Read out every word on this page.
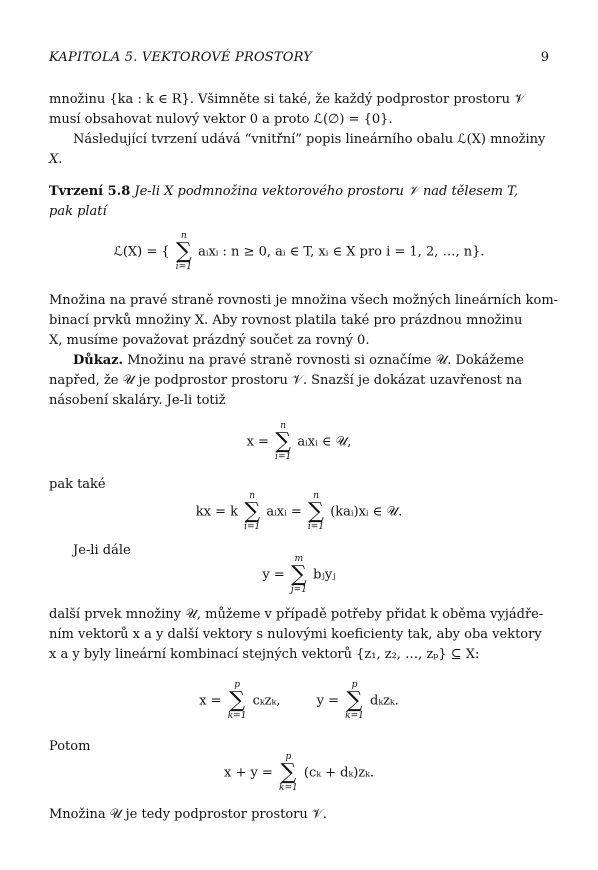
KAPITOLA 5. VEKTOROVÉ PROSTORY	9
množinu {ka : k ∈ R}. Všimněte si také, že každý podprostor prostoru 𝒱
musí obsahovat nulový vektor 0 a proto ℒ(∅) = {0}.
Následující tvrzení udává “vnitřní” popis lineárního obalu ℒ(X) množiny
X.
Tvrzení 5.8 Je-li X podmnožina vektorového prostoru 𝒱 nad tělesem T,
pak platí
ℒ(X) = {
n
∑
i=1
aᵢxᵢ : n ≥ 0, aᵢ ∈ T, xᵢ ∈ X pro i = 1, 2, …, n}.
Množina na pravé straně rovnosti je množina všech možných lineárních kom-
binací prvků množiny X. Aby rovnost platila také pro prázdnou množinu
X, musíme považovat prázdný součet za rovný 0.
Důkaz. Množinu na pravé straně rovnosti si označíme 𝒰. Dokážeme
napřed, že 𝒰 je podprostor prostoru 𝒱. Snazší je dokázat uzavřenost na
násobení skaláry. Je-li totiž
x =
n
∑
i=1
aᵢxᵢ ∈ 𝒰,
pak také
kx = k
n
∑
i=1
aᵢxᵢ =
n
∑
i=1
(kaᵢ)xᵢ ∈ 𝒰.
Je-li dále
y =
m
∑
j=1
bⱼyⱼ
další prvek množiny 𝒰, můžeme v případě potřeby přidat k oběma vyjádře-
ním vektorů x a y další vektory s nulovými koeficienty tak, aby oba vektory
x a y byly lineární kombinací stejných vektorů {z₁, z₂, …, zₚ} ⊆ X:
x =
p
∑
k=1
cₖzₖ,	y =
p
∑
k=1
dₖzₖ.
Potom
x + y =
p
∑
k=1
(cₖ + dₖ)zₖ.
Množina 𝒰 je tedy podprostor prostoru 𝒱.
